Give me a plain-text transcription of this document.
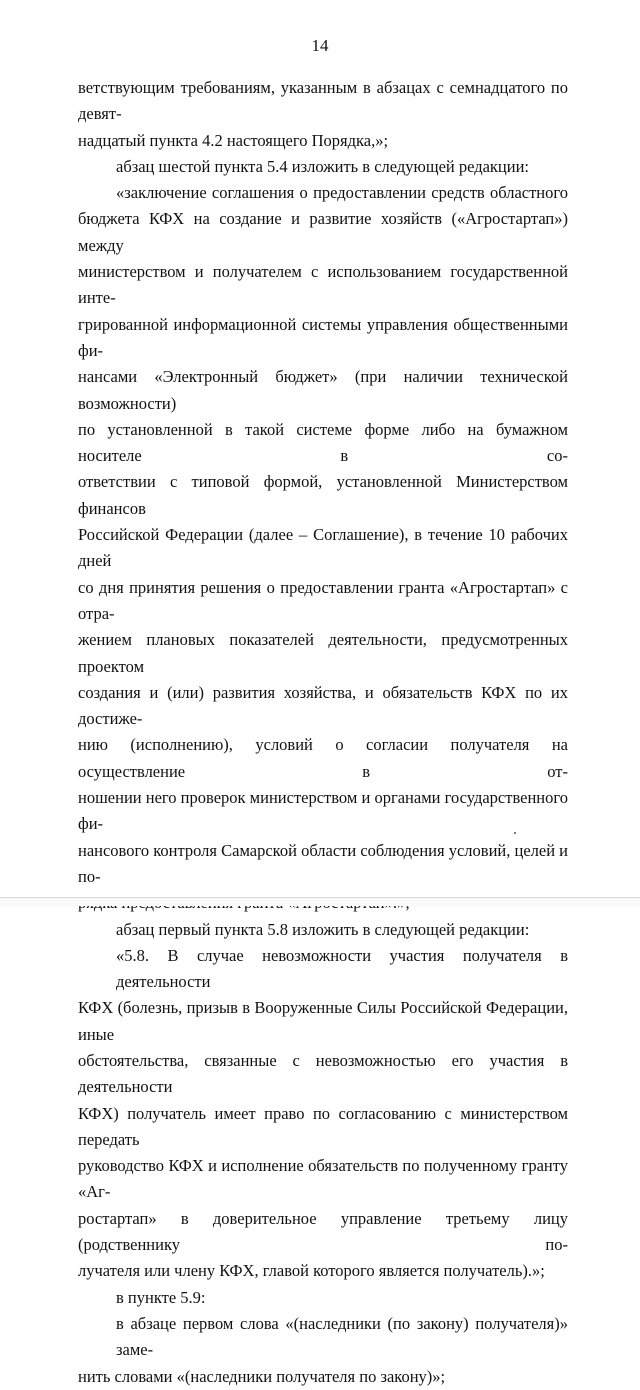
14
ветствующим требованиям, указанным в абзацах с семнадцатого по девят-
надцатый пункта 4.2 настоящего Порядка,»;
абзац шестой пункта 5.4 изложить в следующей редакции:
«заключение соглашения о предоставлении средств областного
бюджета КФХ на создание и развитие хозяйств («Агростартап») между
министерством и получателем с использованием государственной инте-
грированной информационной системы управления общественными фи-
нансами «Электронный бюджет» (при наличии технической возможности)
по установленной в такой системе форме либо на бумажном носителе в со-
ответствии с типовой формой, установленной Министерством финансов
Российской Федерации (далее – Соглашение), в течение 10 рабочих дней
со дня принятия решения о предоставлении гранта «Агростартап» с отра-
жением плановых показателей деятельности, предусмотренных проектом
создания и (или) развития хозяйства, и обязательств КФХ по их достиже-
нию (исполнению), условий о согласии получателя на осуществление в от-
ношении него проверок министерством и органами государственного фи-
нансового контроля Самарской области соблюдения условий, целей и по-
абзац первый пункта 5.8 изложить в следующей редакции:
«5.8. В случае невозможности участия получателя в деятельности
КФХ (болезнь, призыв в Вооруженные Силы Российской Федерации, иные
обстоятельства, связанные с невозможностью его участия в деятельности
КФХ) получатель имеет право по согласованию с министерством передать
руководство КФХ и исполнение обязательств по полученному гранту «Аг-
ростартап» в доверительное управление третьему лицу (родственнику по-
лучателя или члену КФХ, главой которого является получатель).»;
в пункте 5.9:
в абзаце первом слова «(наследники (по закону) получателя)» заме-
нить словами «(наследники получателя по закону)»;
